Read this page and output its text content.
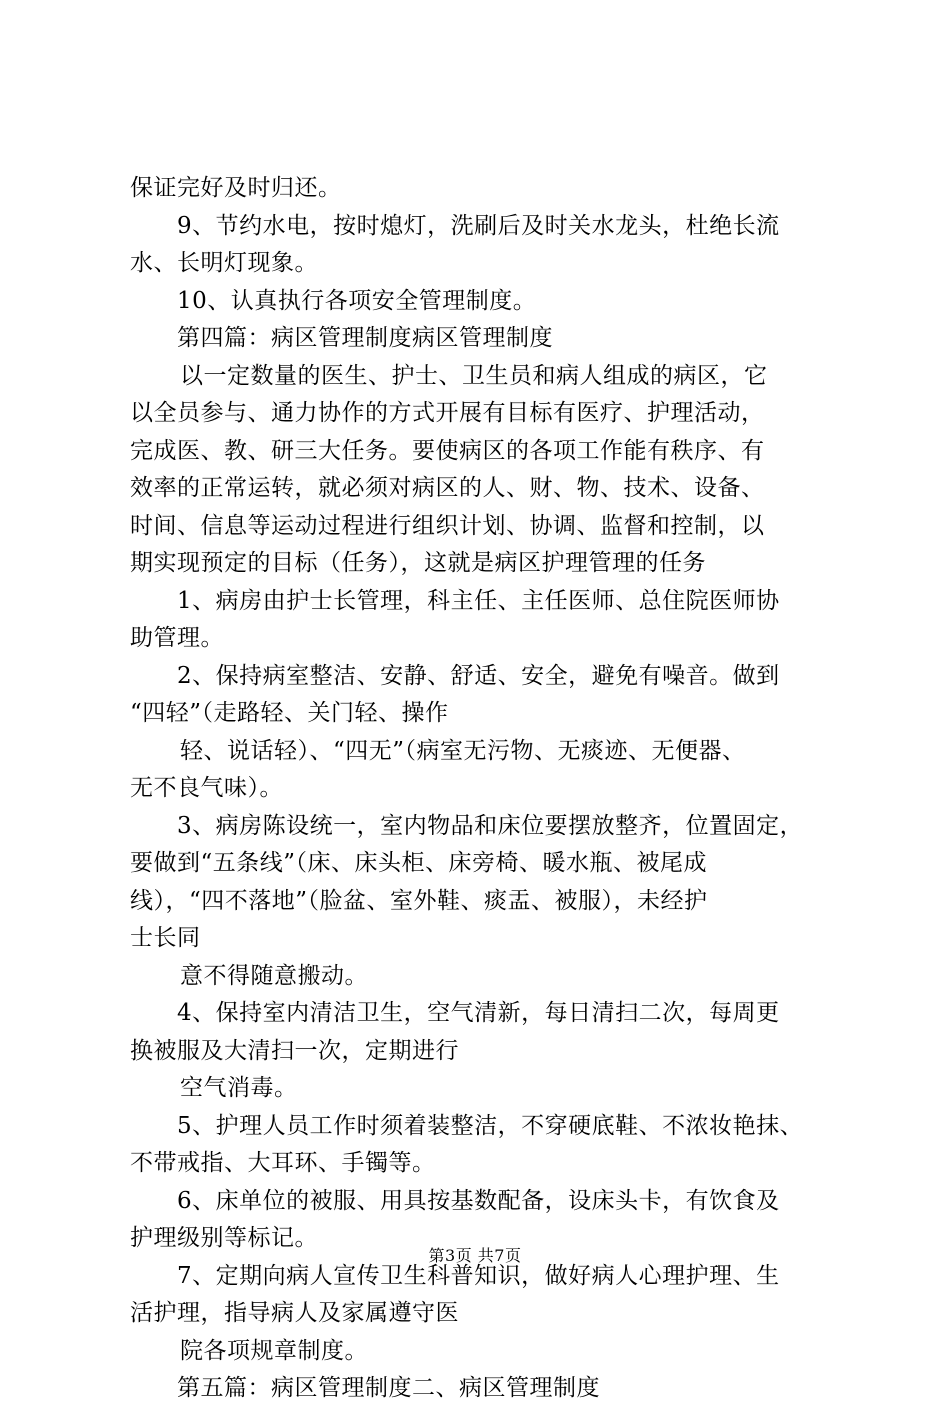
保证完好及时归还。
9、节约水电，按时熄灯，洗刷后及时关水龙头，杜绝长流
水、长明灯现象。
10、认真执行各项安全管理制度。
第四篇：病区管理制度病区管理制度
以一定数量的医生、护士、卫生员和病人组成的病区，它
以全员参与、通力协作的方式开展有目标有医疗、护理活动，
完成医、教、研三大任务。要使病区的各项工作能有秩序、有
效率的正常运转，就必须对病区的人、财、物、技术、设备、
时间、信息等运动过程进行组织计划、协调、监督和控制，以
期实现预定的目标（任务），这就是病区护理管理的任务
1、病房由护士长管理，科主任、主任医师、总住院医师协
助管理。
2、保持病室整洁、安静、舒适、安全，避免有噪音。做到
“四轻”（走路轻、关门轻、操作
轻、说话轻）、“四无”（病室无污物、无痰迹、无便器、
无不良气味）。
3、病房陈设统一，室内物品和床位要摆放整齐，位置固定，
要做到“五条线”（床、床头柜、床旁椅、暖水瓶、被尾成
线），“四不落地”（脸盆、室外鞋、痰盂、被服），未经护
士长同
意不得随意搬动。
4、保持室内清洁卫生，空气清新，每日清扫二次，每周更
换被服及大清扫一次，定期进行
空气消毒。
5、护理人员工作时须着装整洁，不穿硬底鞋、不浓妆艳抹、
不带戒指、大耳环、手镯等。
6、床单位的被服、用具按基数配备，设床头卡，有饮食及
护理级别等标记。
7、定期向病人宣传卫生科普知识，做好病人心理护理、生
活护理，指导病人及家属遵守医
院各项规章制度。
第五篇：病区管理制度二、病区管理制度
第3页 共7页
